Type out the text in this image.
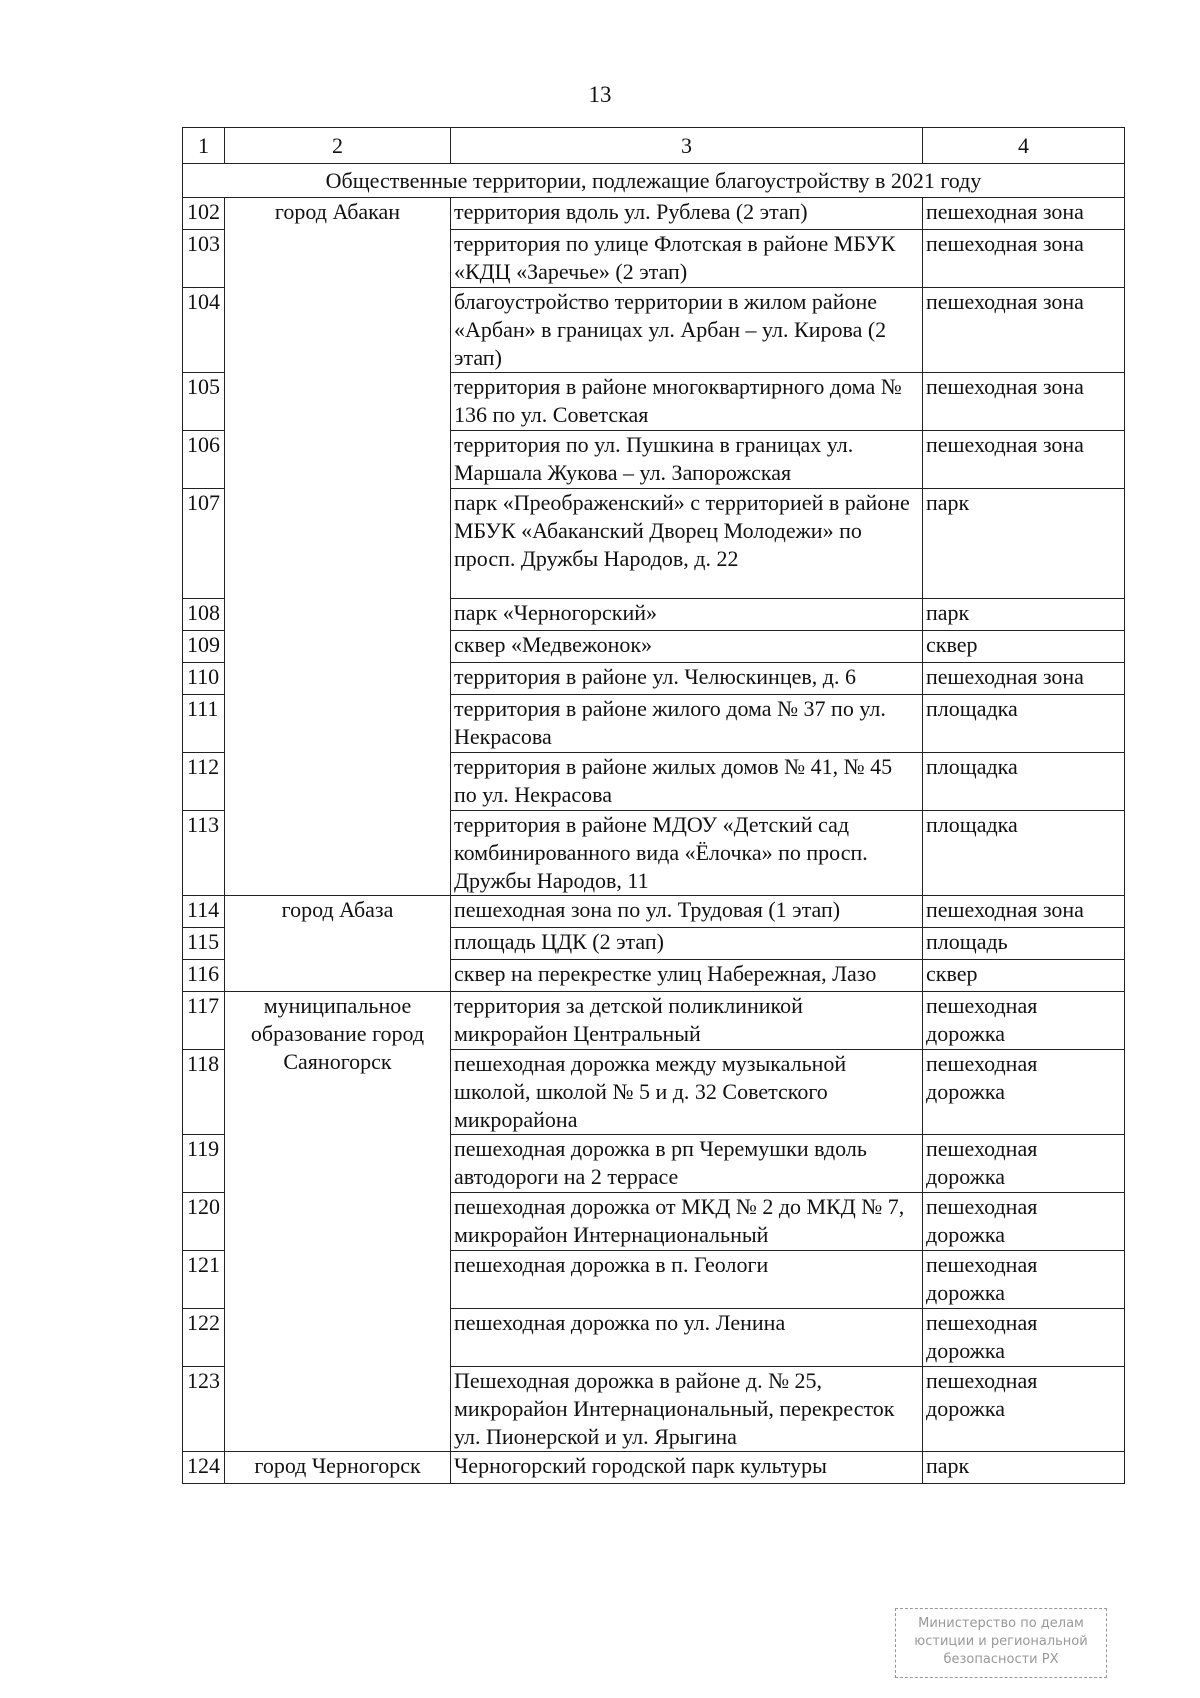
13
1	2	3	4
Общественные территории, подлежащие благоустройству в 2021 году			
102	город Абакан	территория вдоль ул. Рублева (2 этап)	пешеходная зона
103		территория по улице Флотская в районе МБУК «КДЦ «Заречье» (2 этап)	пешеходная зона
104		благоустройство территории в жилом районе «Арбан» в границах ул. Арбан – ул. Кирова (2 этап)	пешеходная зона
105		территория в районе многоквартирного дома № 136 по ул. Советская	пешеходная зона
106		территория по ул. Пушкина в границах ул. Маршала Жукова – ул. Запорожская	пешеходная зона
107		парк «Преображенский» с территорией в районе МБУК «Абаканский Дворец Молодежи» по просп. Дружбы Народов, д. 22	парк
108		парк «Черногорский»	парк
109		сквер «Медвежонок»	сквер
110		территория в районе ул. Челюскинцев, д. 6	пешеходная зона
111		территория в районе жилого дома № 37 по ул. Некрасова	площадка
112		территория в районе жилых домов № 41, № 45 по ул. Некрасова	площадка
113		территория в районе МДОУ «Детский сад комбинированного вида «Ёлочка» по просп. Дружбы Народов, 11	площадка
114	город Абаза	пешеходная зона по ул. Трудовая (1 этап)	пешеходная зона
115		площадь ЦДК (2 этап)	площадь
116		сквер на перекрестке улиц Набережная, Лазо	сквер
117	муниципальное образование город Саяногорск	территория за детской поликлиникой микрорайон Центральный	пешеходная дорожка
118		пешеходная дорожка между музыкальной школой, школой № 5 и д. 32 Советского микрорайона	пешеходная дорожка
119		пешеходная дорожка в рп Черемушки вдоль автодороги на 2 террасе	пешеходная дорожка
120		пешеходная дорожка от МКД № 2 до МКД № 7, микрорайон Интернациональный	пешеходная дорожка
121		пешеходная дорожка в п. Геологи	пешеходная дорожка
122		пешеходная дорожка по ул. Ленина	пешеходная дорожка
123		Пешеходная дорожка в районе д. № 25, микрорайон Интернациональный, перекресток ул. Пионерской и ул. Ярыгина	пешеходная дорожка
124	город Черногорск	Черногорский городской парк культуры	парк
Министерство по делам юстиции и региональной безопасности РХ
